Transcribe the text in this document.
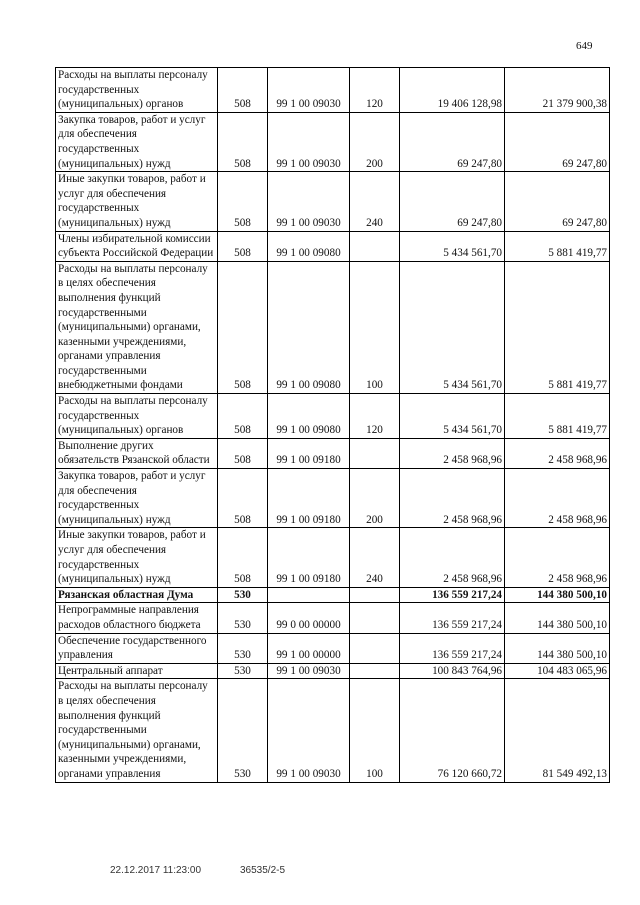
649
Расходы на выплаты персоналу государственных (муниципальных) органов	508	99 1 00 09030	120	19 406 128,98	21 379 900,38
Закупка товаров, работ и услуг для обеспечения государственных (муниципальных) нужд	508	99 1 00 09030	200	69 247,80	69 247,80
Иные закупки товаров, работ и услуг для обеспечения государственных (муниципальных) нужд	508	99 1 00 09030	240	69 247,80	69 247,80
Члены избирательной комиссии субъекта Российской Федерации	508	99 1 00 09080		5 434 561,70	5 881 419,77
Расходы на выплаты персоналу в целях обеспечения выполнения функций государственными (муниципальными) органами, казенными учреждениями, органами управления государственными внебюджетными фондами	508	99 1 00 09080	100	5 434 561,70	5 881 419,77
Расходы на выплаты персоналу государственных (муниципальных) органов	508	99 1 00 09080	120	5 434 561,70	5 881 419,77
Выполнение других обязательств Рязанской области	508	99 1 00 09180		2 458 968,96	2 458 968,96
Закупка товаров, работ и услуг для обеспечения государственных (муниципальных) нужд	508	99 1 00 09180	200	2 458 968,96	2 458 968,96
Иные закупки товаров, работ и услуг для обеспечения государственных (муниципальных) нужд	508	99 1 00 09180	240	2 458 968,96	2 458 968,96
Рязанская областная Дума	530			136 559 217,24	144 380 500,10
Непрограммные направления расходов областного бюджета	530	99 0 00 00000		136 559 217,24	144 380 500,10
Обеспечение государственного управления	530	99 1 00 00000		136 559 217,24	144 380 500,10
Центральный аппарат	530	99 1 00 09030		100 843 764,96	104 483 065,96
Расходы на выплаты персоналу в целях обеспечения выполнения функций государственными (муниципальными) органами, казенными учреждениями, органами управления	530	99 1 00 09030	100	76 120 660,72	81 549 492,13
22.12.2017 11:23:00	36535/2-5
